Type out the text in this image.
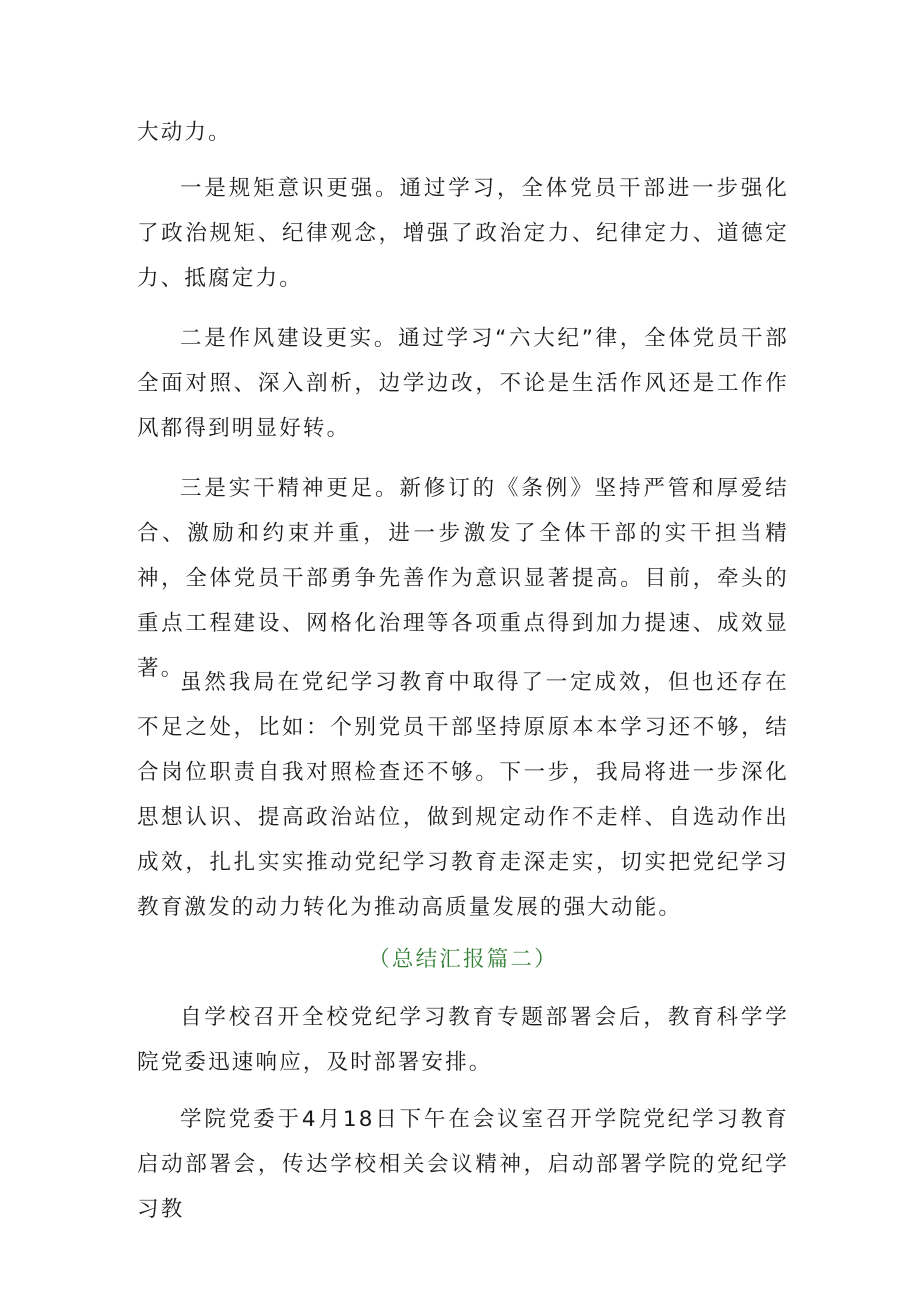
大动力。

一是规矩意识更强。通过学习，全体党员干部进一步强化了政治规矩、纪律观念，增强了政治定力、纪律定力、道德定力、抵腐定力。

二是作风建设更实。通过学习“六大纪”律，全体党员干部全面对照、深入剖析，边学边改，不论是生活作风还是工作作风都得到明显好转。

三是实干精神更足。新修订的《条例》坚持严管和厚爱结合、激励和约束并重，进一步激发了全体干部的实干担当精神，全体党员干部勇争先善作为意识显著提高。目前，牵头的重点工程建设、网格化治理等各项重点得到加力提速、成效显著。

虽然我局在党纪学习教育中取得了一定成效，但也还存在不足之处，比如：个别党员干部坚持原原本本学习还不够，结合岗位职责自我对照检查还不够。下一步，我局将进一步深化思想认识、提高政治站位，做到规定动作不走样、自选动作出成效，扎扎实实推动党纪学习教育走深走实，切实把党纪学习教育激发的动力转化为推动高质量发展的强大动能。

（总结汇报篇二）

自学校召开全校党纪学习教育专题部署会后，教育科学学院党委迅速响应，及时部署安排。

学院党委于4月18日下午在会议室召开学院党纪学习教育启动部署会，传达学校相关会议精神，启动部署学院的党纪学习教
